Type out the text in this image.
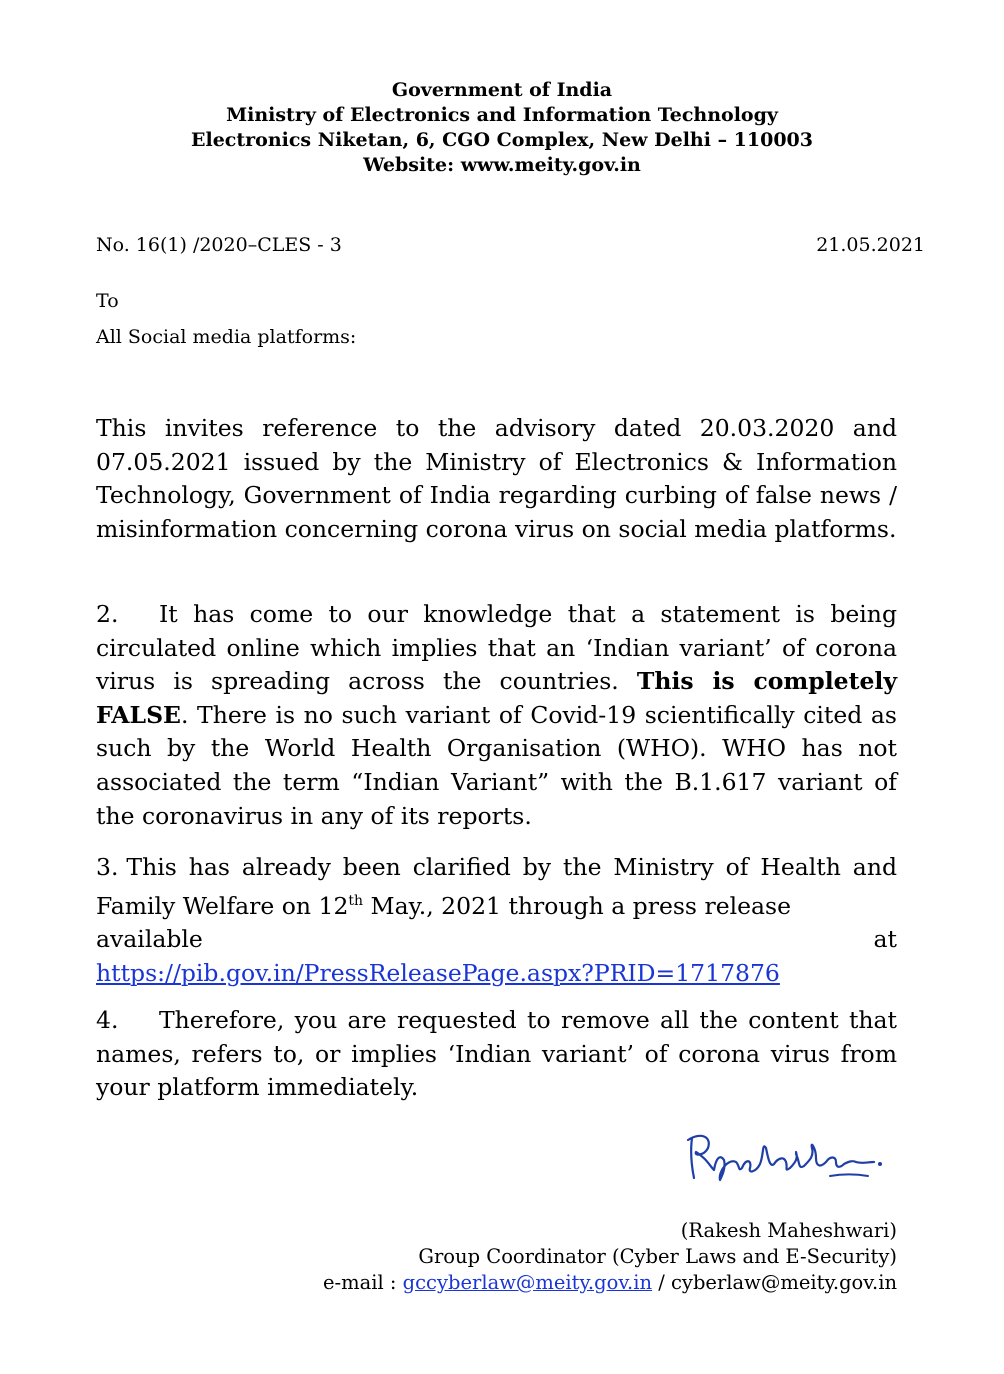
Government of India
Ministry of Electronics and Information Technology
Electronics Niketan, 6, CGO Complex, New Delhi – 110003
Website: www.meity.gov.in
No. 16(1) /2020–CLES - 3	21.05.2021
To
All Social media platforms:
This invites reference to the advisory dated 20.03.2020 and
07.05.2021 issued by the Ministry of Electronics & Information Technology, Government of India regarding curbing of false news / misinformation concerning corona virus on social media platforms.
2. It has come to our knowledge that a statement is being circulated online which implies that an ‘Indian variant’ of corona virus is spreading across the countries. This is completely FALSE. There is no such variant of Covid-19 scientifically cited as such by the World Health Organisation (WHO). WHO has not associated the term “Indian Variant” with the B.1.617 variant of the coronavirus in any of its reports.
3. This has already been clarified by the Ministry of Health and Family Welfare on 12th May., 2021 through a press release
available	at
https://pib.gov.in/PressReleasePage.aspx?PRID=1717876
4. Therefore, you are requested to remove all the content that names, refers to, or implies ‘Indian variant’ of corona virus from your platform immediately.
(Rakesh Maheshwari)
Group Coordinator (Cyber Laws and E-Security)
e-mail : gccyberlaw@meity.gov.in / cyberlaw@meity.gov.in
